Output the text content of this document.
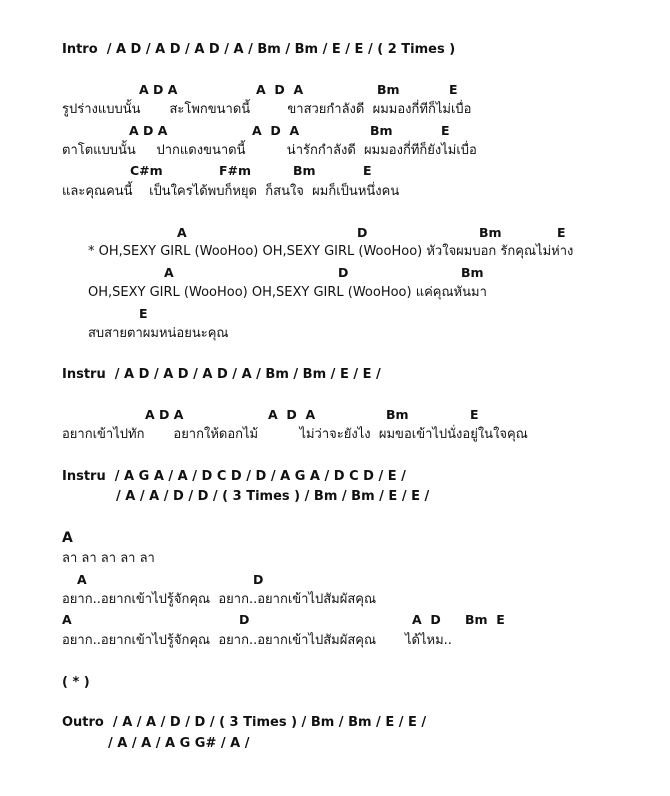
Intro  / A D / A D / A D / A / Bm / Bm / E / E / ( 2 Times )
A D A	A  D  A	Bm	E
รูปร่างแบบนั้น       สะโพกขนาดนี้         ขาสวยกำลังดี  ผมมองกี่ทีก็ไม่เบื่อ
A D A	A  D  A	Bm	E
ตาโตแบบนั้น     ปากแดงขนาดนี้          น่ารักกำลังดี  ผมมองกี่ทีก็ยังไม่เบื่อ
C#m	F#m	Bm	E
และคุณคนนี้    เป็นใครได้พบก็หยุด  ก็สนใจ  ผมก็เป็นหนึ่งคน
A	D	Bm	E
* OH,SEXY GIRL (WooHoo) OH,SEXY GIRL (WooHoo) หัวใจผมบอก รักคุณไม่ห่าง
A	D	Bm
OH,SEXY GIRL (WooHoo) OH,SEXY GIRL (WooHoo) แค่คุณหันมา
E
สบสายตาผมหน่อยนะคุณ
Instru  / A D / A D / A D / A / Bm / Bm / E / E /
A D A	A  D  A	Bm	E
อยากเข้าไปทัก       อยากให้ดอกไม้          ไม่ว่าจะยังไง  ผมขอเข้าไปนั่งอยู่ในใจคุณ
Instru  / A G A / A / D C D / D / A G A / D C D / E /
/ A / A / D / D / ( 3 Times ) / Bm / Bm / E / E /
A
ลา ลา ลา ลา ลา
A	D
อยาก..อยากเข้าไปรู้จักคุณ  อยาก..อยากเข้าไปสัมผัสคุณ
A	D	A  D Bm  E
อยาก..อยากเข้าไปรู้จักคุณ  อยาก..อยากเข้าไปสัมผัสคุณ       ได้ไหม..
( * )
Outro  / A / A / D / D / ( 3 Times ) / Bm / Bm / E / E /
/ A / A / A G G# / A /
